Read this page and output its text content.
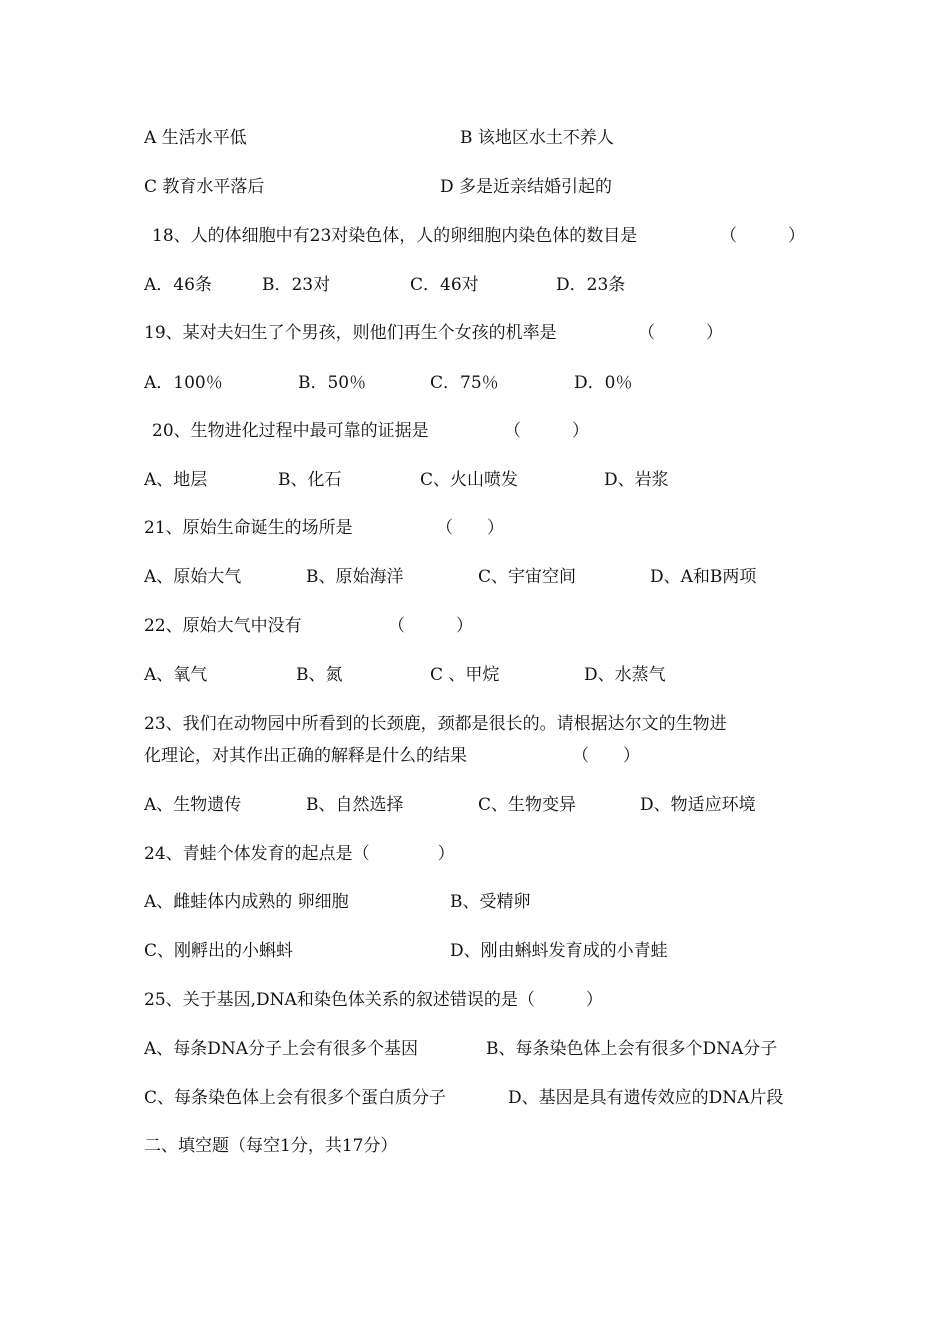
A 生活水平低	B 该地区水土不养人
C 教育水平落后	D 多是近亲结婚引起的
18、人的体细胞中有23对染色体，人的卵细胞内染色体的数目是	（　　　）
A．46条	B．23对	C．46对	D．23条
19、某对夫妇生了个男孩，则他们再生个女孩的机率是	（　　　）
A．100％	B．50％	C．75％	D．0％
20、生物进化过程中最可靠的证据是	（　　　）
A、地层	B、化石	C、火山喷发	D、岩浆
21、原始生命诞生的场所是	（　　）
A、原始大气	B、原始海洋	C、宇宙空间	D、A和B两项
22、原始大气中没有	（　　　）
A、氧气	B、氮	C 、甲烷	D、水蒸气
23、我们在动物园中所看到的长颈鹿，颈都是很长的。请根据达尔文的生物进
化理论，对其作出正确的解释是什么的结果	（　　）
A、生物遗传	B、自然选择	C、生物变异	D、物适应环境
24、青蛙个体发育的起点是（　　　　）
A、雌蛙体内成熟的 卵细胞	B、受精卵
C、刚孵出的小蝌蚪	D、刚由蝌蚪发育成的小青蛙
25、关于基因,DNA和染色体关系的叙述错误的是（　　　）
A、每条DNA分子上会有很多个基因	B、每条染色体上会有很多个DNA分子
C、每条染色体上会有很多个蛋白质分子	D、基因是具有遗传效应的DNA片段
二、填空题（每空1分，共17分）
